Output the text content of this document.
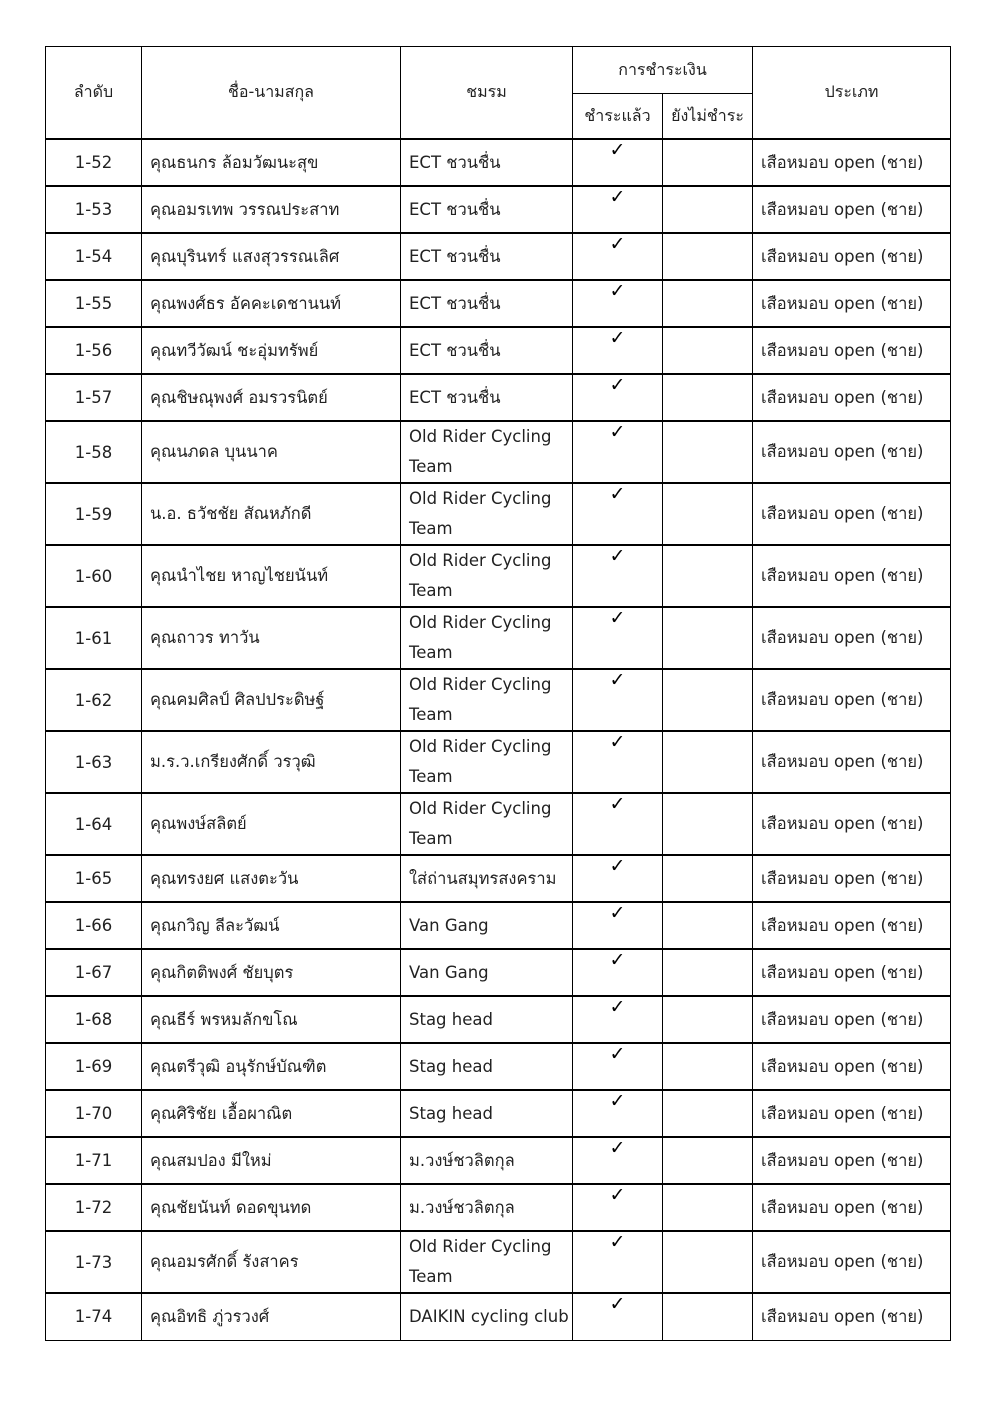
ลำดับ	ชื่อ-นามสกุล	ชมรม	การชำระเงิน		ประเภท
			ชำระแล้ว	ยังไม่ชำระ	
1-52	คุณธนกร ล้อมวัฒนะสุข	ECT ชวนชื่น	✓		เสือหมอบ open (ชาย)
1-53	คุณอมรเทพ วรรณประสาท	ECT ชวนชื่น	✓		เสือหมอบ open (ชาย)
1-54	คุณบุรินทร์ แสงสุวรรณเลิศ	ECT ชวนชื่น	✓		เสือหมอบ open (ชาย)
1-55	คุณพงศ์ธร อัคคะเดชานนท์	ECT ชวนชื่น	✓		เสือหมอบ open (ชาย)
1-56	คุณทวีวัฒน์ ชะอุ่มทรัพย์	ECT ชวนชื่น	✓		เสือหมอบ open (ชาย)
1-57	คุณชิษณุพงศ์ อมรวรนิตย์	ECT ชวนชื่น	✓		เสือหมอบ open (ชาย)
1-58	คุณนภดล บุนนาค	Old Rider Cycling Team	✓		เสือหมอบ open (ชาย)
1-59	น.อ. ธวัชชัย สัณหภักดี	Old Rider Cycling Team	✓		เสือหมอบ open (ชาย)
1-60	คุณนำไชย หาญไชยนันท์	Old Rider Cycling Team	✓		เสือหมอบ open (ชาย)
1-61	คุณถาวร ทาวัน	Old Rider Cycling Team	✓		เสือหมอบ open (ชาย)
1-62	คุณคมศิลป์ ศิลปประดิษฐ์	Old Rider Cycling Team	✓		เสือหมอบ open (ชาย)
1-63	ม.ร.ว.เกรียงศักดิ์ วรวุฒิ	Old Rider Cycling Team	✓		เสือหมอบ open (ชาย)
1-64	คุณพงษ์สลิตย์	Old Rider Cycling Team	✓		เสือหมอบ open (ชาย)
1-65	คุณทรงยศ แสงตะวัน	ใส่ถ่านสมุทรสงคราม	✓		เสือหมอบ open (ชาย)
1-66	คุณกวิญ ลีละวัฒน์	Van Gang	✓		เสือหมอบ open (ชาย)
1-67	คุณกิตติพงศ์ ชัยบุตร	Van Gang	✓		เสือหมอบ open (ชาย)
1-68	คุณธีร์ พรหมลักขโณ	Stag head	✓		เสือหมอบ open (ชาย)
1-69	คุณตรีวุฒิ อนุรักษ์บัณฑิต	Stag head	✓		เสือหมอบ open (ชาย)
1-70	คุณศิริชัย เอื้อผาณิต	Stag head	✓		เสือหมอบ open (ชาย)
1-71	คุณสมปอง มีใหม่	ม.วงษ์ชวลิตกุล	✓		เสือหมอบ open (ชาย)
1-72	คุณชัยนันท์ ดอดขุนทด	ม.วงษ์ชวลิตกุล	✓		เสือหมอบ open (ชาย)
1-73	คุณอมรศักดิ์ รังสาคร	Old Rider Cycling Team	✓		เสือหมอบ open (ชาย)
1-74	คุณอิทธิ ภู่วรวงศ์	DAIKIN cycling club	✓		เสือหมอบ open (ชาย)
